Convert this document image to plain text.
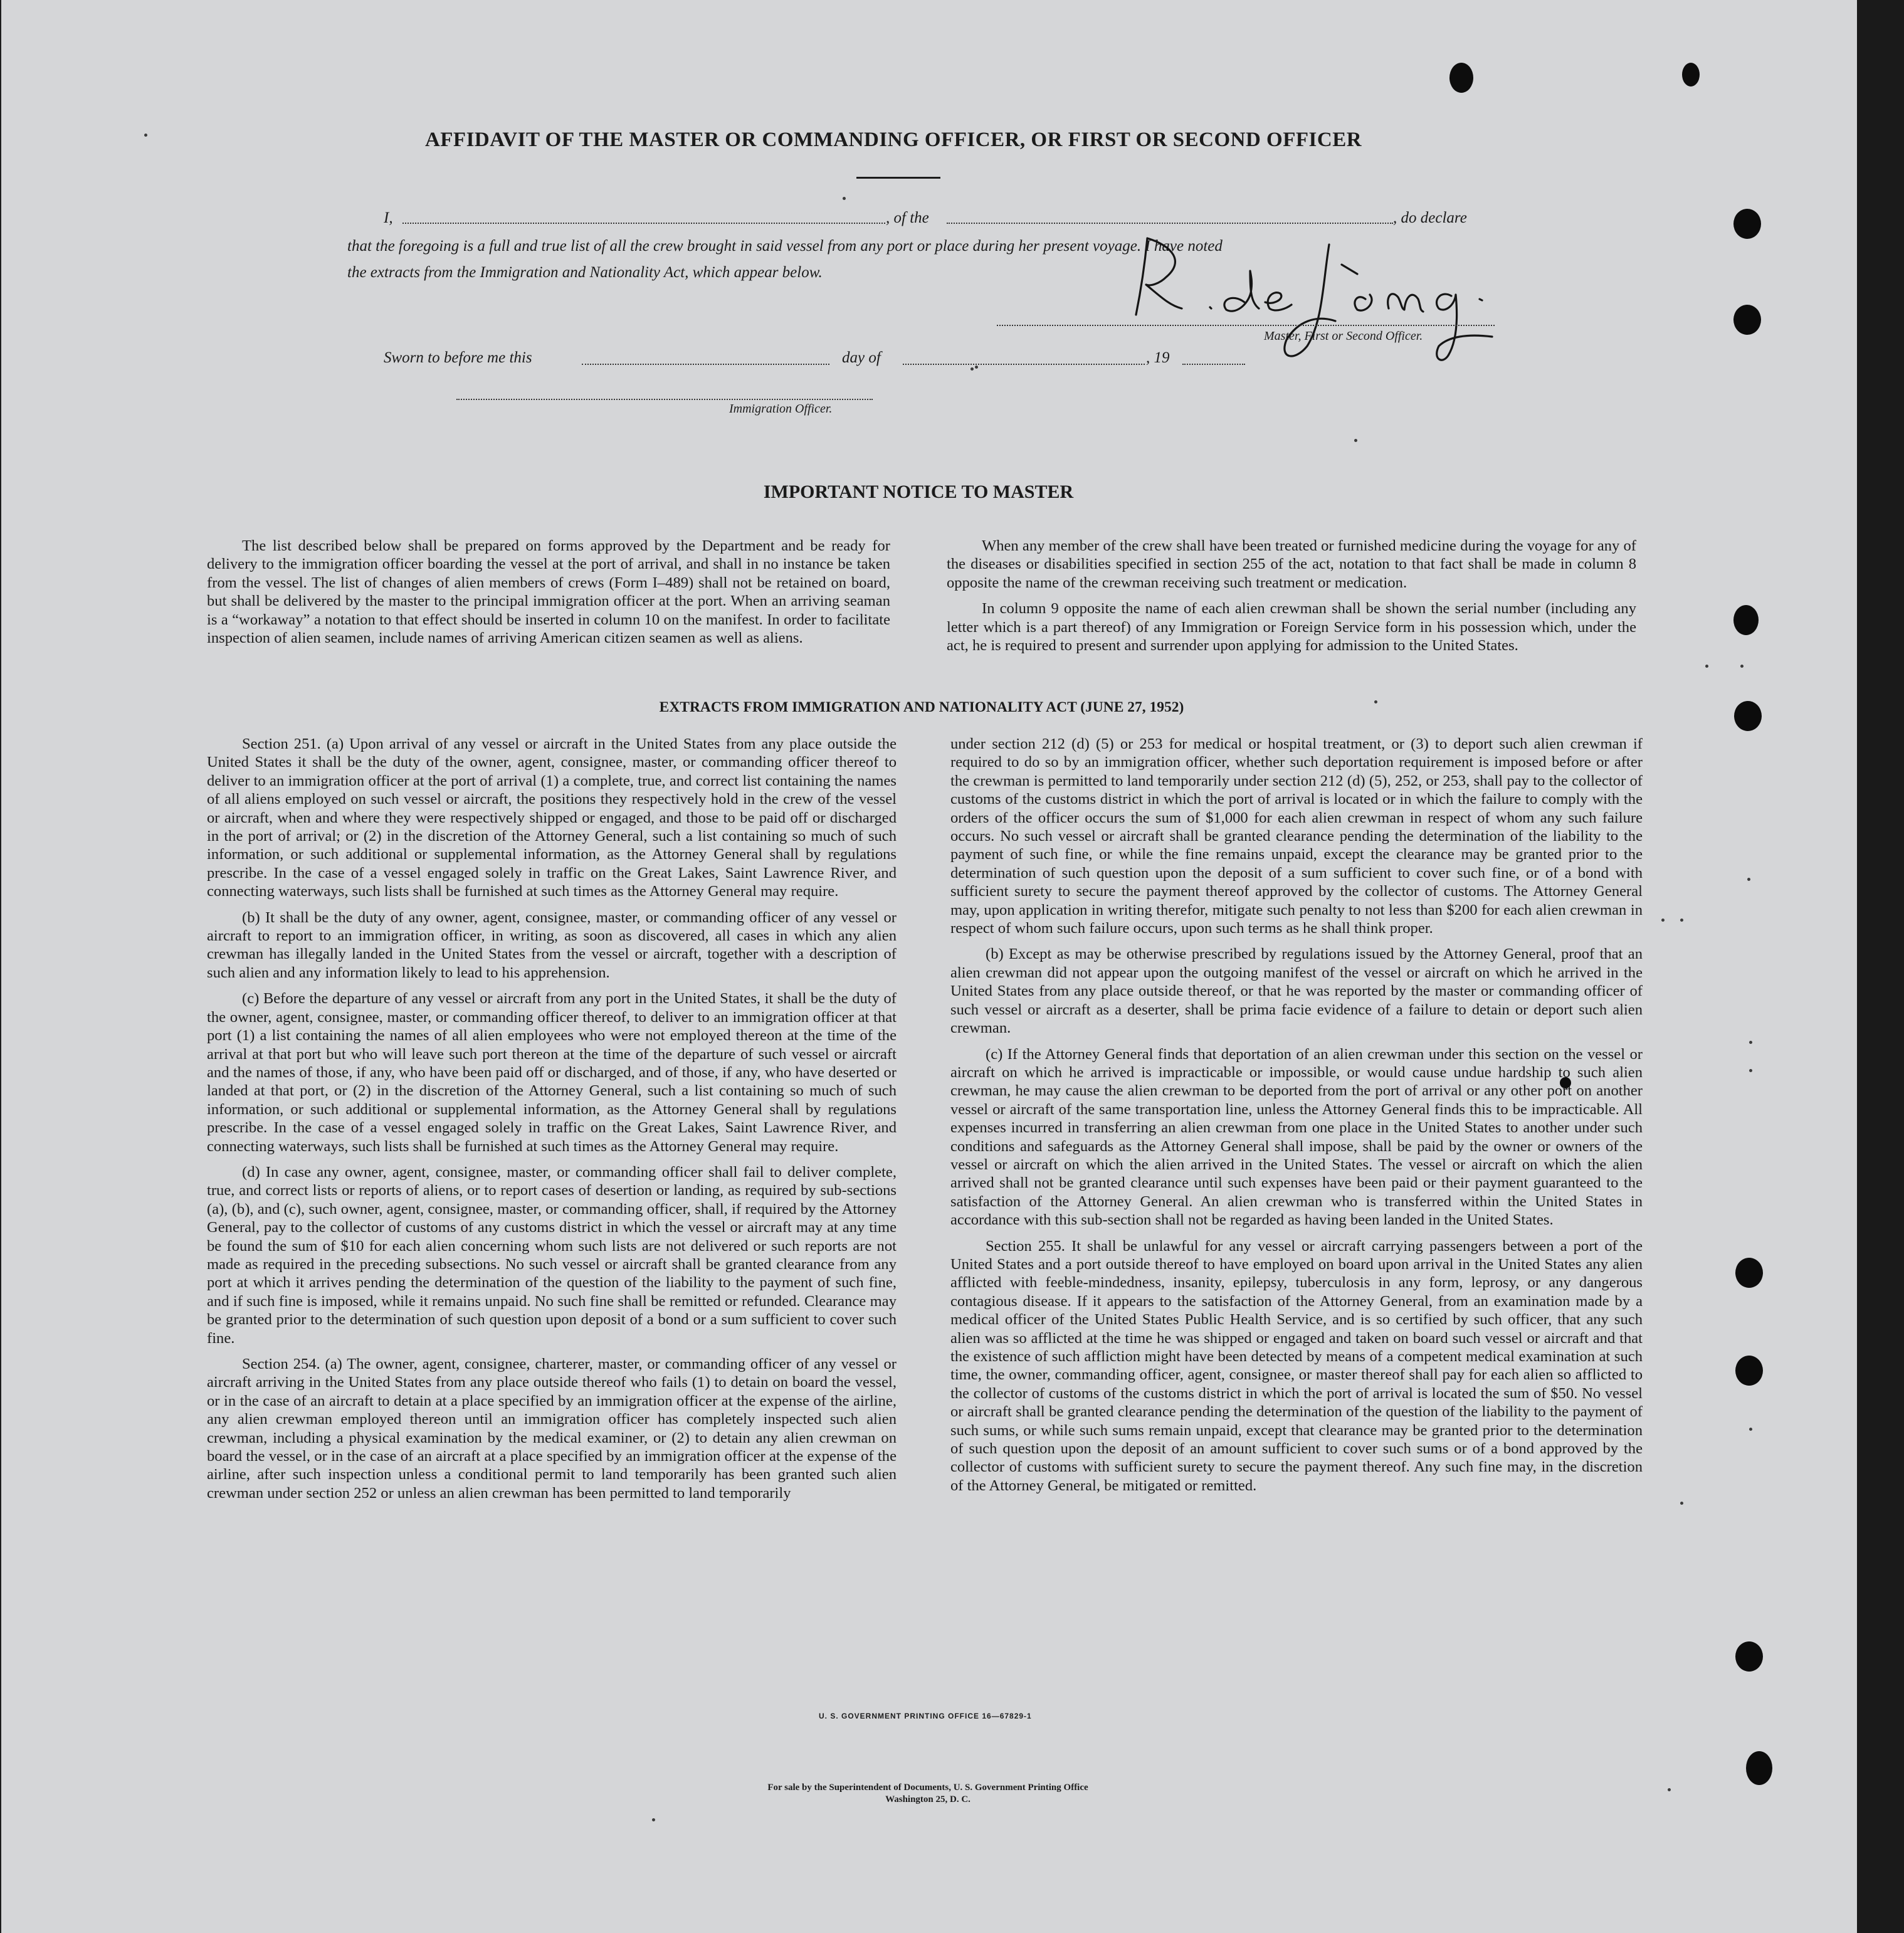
AFFIDAVIT OF THE MASTER OR COMMANDING OFFICER, OR FIRST OR SECOND OFFICER
I,	, of the	, do declare
that the foregoing is a full and true list of all the crew brought in said vessel from any port or place during her present voyage. I have noted
the extracts from the Immigration and Nationality Act, which appear below.
Master, First or Second Officer.
Sworn to before me this	day of	, 19
Immigration Officer.
IMPORTANT NOTICE TO MASTER

The list described below shall be prepared on forms approved by the Department and be ready for delivery to the immigration officer boarding the vessel at the port of arrival, and shall in no instance be taken from the vessel. The list of changes of alien members of crews (Form I–489) shall not be retained on board, but shall be delivered by the master to the principal immigration officer at the port. When an arriving seaman is a “workaway” a notation to that effect should be inserted in column 10 on the manifest. In order to facilitate inspection of alien seamen, include names of arriving American citizen seamen as well as aliens.

When any member of the crew shall have been treated or furnished medicine during the voyage for any of the diseases or disabilities specified in section 255 of the act, notation to that fact shall be made in column 8 opposite the name of the crewman receiving such treatment or medication.

In column 9 opposite the name of each alien crewman shall be shown the serial number (including any letter which is a part thereof) of any Immigration or Foreign Service form in his possession which, under the act, he is required to present and surrender upon applying for admission to the United States.

EXTRACTS FROM IMMIGRATION AND NATIONALITY ACT (JUNE 27, 1952)

Section 251. (a) Upon arrival of any vessel or aircraft in the United States from any place outside the United States it shall be the duty of the owner, agent, consignee, master, or commanding officer thereof to deliver to an immigration officer at the port of arrival (1) a complete, true, and correct list containing the names of all aliens employed on such vessel or aircraft, the positions they respectively hold in the crew of the vessel or aircraft, when and where they were respectively shipped or engaged, and those to be paid off or discharged in the port of arrival; or (2) in the discretion of the Attorney General, such a list containing so much of such information, or such additional or supplemental information, as the Attorney General shall by regulations prescribe. In the case of a vessel engaged solely in traffic on the Great Lakes, Saint Lawrence River, and connecting waterways, such lists shall be furnished at such times as the Attorney General may require.

(b) It shall be the duty of any owner, agent, consignee, master, or commanding officer of any vessel or aircraft to report to an immigration officer, in writing, as soon as discovered, all cases in which any alien crewman has illegally landed in the United States from the vessel or aircraft, together with a description of such alien and any information likely to lead to his apprehension.

(c) Before the departure of any vessel or aircraft from any port in the United States, it shall be the duty of the owner, agent, consignee, master, or commanding officer thereof, to deliver to an immigration officer at that port (1) a list containing the names of all alien employees who were not employed thereon at the time of the arrival at that port but who will leave such port thereon at the time of the departure of such vessel or aircraft and the names of those, if any, who have been paid off or discharged, and of those, if any, who have deserted or landed at that port, or (2) in the discretion of the Attorney General, such a list containing so much of such information, or such additional or supplemental information, as the Attorney General shall by regulations prescribe. In the case of a vessel engaged solely in traffic on the Great Lakes, Saint Lawrence River, and connecting waterways, such lists shall be furnished at such times as the Attorney General may require.

(d) In case any owner, agent, consignee, master, or commanding officer shall fail to deliver complete, true, and correct lists or reports of aliens, or to report cases of desertion or landing, as required by sub-sections (a), (b), and (c), such owner, agent, consignee, master, or commanding officer, shall, if required by the Attorney General, pay to the collector of customs of any customs district in which the vessel or aircraft may at any time be found the sum of $10 for each alien concerning whom such lists are not delivered or such reports are not made as required in the preceding subsections. No such vessel or aircraft shall be granted clearance from any port at which it arrives pending the determination of the question of the liability to the payment of such fine, and if such fine is imposed, while it remains unpaid. No such fine shall be remitted or refunded. Clearance may be granted prior to the determination of such question upon deposit of a bond or a sum sufficient to cover such fine.

Section 254. (a) The owner, agent, consignee, charterer, master, or commanding officer of any vessel or aircraft arriving in the United States from any place outside thereof who fails (1) to detain on board the vessel, or in the case of an aircraft to detain at a place specified by an immigration officer at the expense of the airline, any alien crewman employed thereon until an immigration officer has completely inspected such alien crewman, including a physical examination by the medical examiner, or (2) to detain any alien crewman on board the vessel, or in the case of an aircraft at a place specified by an immigration officer at the expense of the airline, after such inspection unless a conditional permit to land temporarily has been granted such alien crewman under section 252 or unless an alien crewman has been permitted to land temporarily

under section 212 (d) (5) or 253 for medical or hospital treatment, or (3) to deport such alien crewman if required to do so by an immigration officer, whether such deportation requirement is imposed before or after the crewman is permitted to land temporarily under section 212 (d) (5), 252, or 253, shall pay to the collector of customs of the customs district in which the port of arrival is located or in which the failure to comply with the orders of the officer occurs the sum of $1,000 for each alien crewman in respect of whom any such failure occurs. No such vessel or aircraft shall be granted clearance pending the determination of the liability to the payment of such fine, or while the fine remains unpaid, except the clearance may be granted prior to the determination of such question upon the deposit of a sum sufficient to cover such fine, or of a bond with sufficient surety to secure the payment thereof approved by the collector of customs. The Attorney General may, upon application in writing therefor, mitigate such penalty to not less than $200 for each alien crewman in respect of whom such failure occurs, upon such terms as he shall think proper.

(b) Except as may be otherwise prescribed by regulations issued by the Attorney General, proof that an alien crewman did not appear upon the outgoing manifest of the vessel or aircraft on which he arrived in the United States from any place outside thereof, or that he was reported by the master or commanding officer of such vessel or aircraft as a deserter, shall be prima facie evidence of a failure to detain or deport such alien crewman.

(c) If the Attorney General finds that deportation of an alien crewman under this section on the vessel or aircraft on which he arrived is impracticable or impossible, or would cause undue hardship to such alien crewman, he may cause the alien crewman to be deported from the port of arrival or any other port on another vessel or aircraft of the same transportation line, unless the Attorney General finds this to be impracticable. All expenses incurred in transferring an alien crewman from one place in the United States to another under such conditions and safeguards as the Attorney General shall impose, shall be paid by the owner or owners of the vessel or aircraft on which the alien arrived in the United States. The vessel or aircraft on which the alien arrived shall not be granted clearance until such expenses have been paid or their payment guaranteed to the satisfaction of the Attorney General. An alien crewman who is transferred within the United States in accordance with this sub-section shall not be regarded as having been landed in the United States.

Section 255. It shall be unlawful for any vessel or aircraft carrying passengers between a port of the United States and a port outside thereof to have employed on board upon arrival in the United States any alien afflicted with feeble-mindedness, insanity, epilepsy, tuberculosis in any form, leprosy, or any dangerous contagious disease. If it appears to the satisfaction of the Attorney General, from an examination made by a medical officer of the United States Public Health Service, and is so certified by such officer, that any such alien was so afflicted at the time he was shipped or engaged and taken on board such vessel or aircraft and that the existence of such affliction might have been detected by means of a competent medical examination at such time, the owner, commanding officer, agent, consignee, or master thereof shall pay for each alien so afflicted to the collector of customs of the customs district in which the port of arrival is located the sum of $50. No vessel or aircraft shall be granted clearance pending the determination of the question of the liability to the payment of such sums, or while such sums remain unpaid, except that clearance may be granted prior to the determination of such question upon the deposit of an amount sufficient to cover such sums or of a bond approved by the collector of customs with sufficient surety to secure the payment thereof. Any such fine may, in the discretion of the Attorney General, be mitigated or remitted.

U. S. GOVERNMENT PRINTING OFFICE 16—67829-1
For sale by the Superintendent of Documents, U. S. Government Printing Office
Washington 25, D. C.
